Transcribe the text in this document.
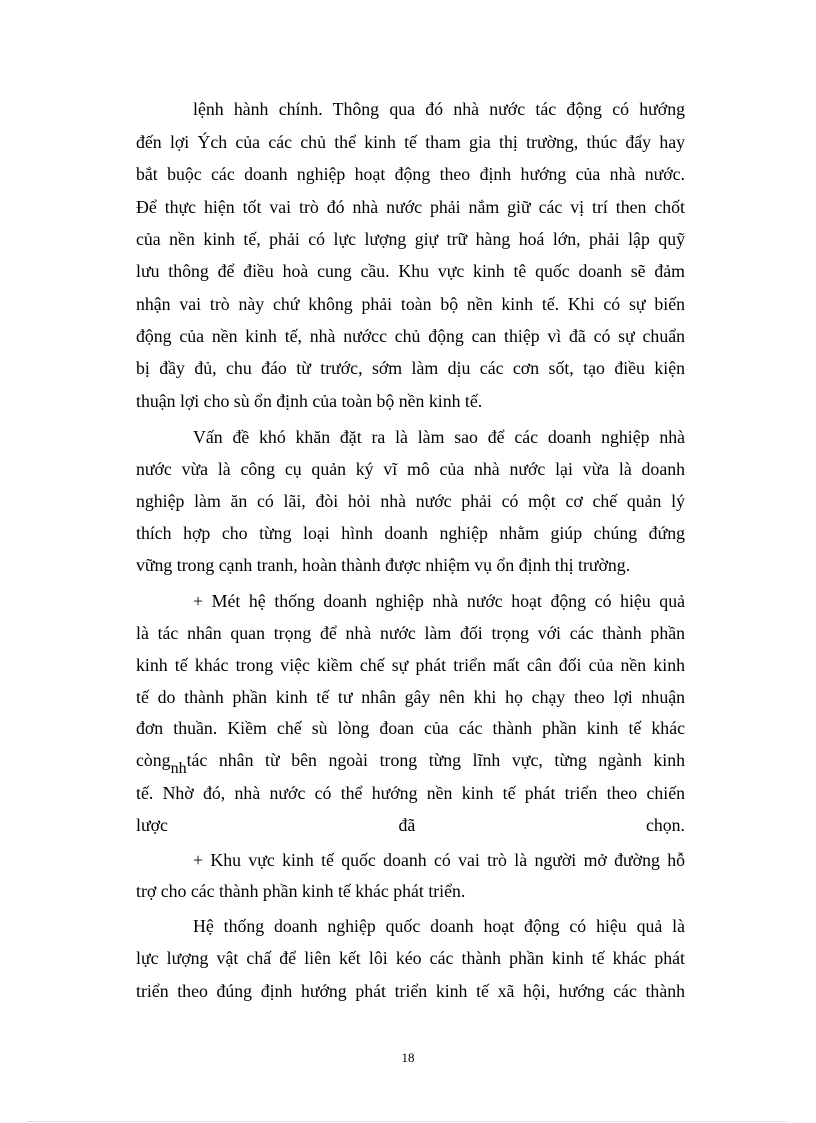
lệnh hành chính. Thông qua đó nhà nước tác động có hướng
đến lợi Ých của các chủ thể kinh tế tham gia thị trường, thúc đẩy hay
bắt buộc các doanh nghiệp hoạt động theo định hướng của nhà nước.
Để thực hiện tốt vai trò đó nhà nước phải nắm giữ các vị trí then chốt
của nền kinh tế, phải có lực lượng giự trữ hàng hoá lớn, phải lập quỹ
lưu thông để điều hoà cung cầu. Khu vực kinh tê quốc doanh sẽ đảm
nhận vai trò này chứ không phải toàn bộ nền kinh tế. Khi có sự biến
động của nền kinh tế, nhà nướcc chủ động can thiệp vì đã có sự chuẩn
bị đầy đủ, chu đáo từ trước, sớm làm dịu các cơn sốt, tạo điều kiện
thuận lợi cho sù ổn định của toàn bộ nền kinh tế.
Vấn đề khó khăn đặt ra là làm sao để các doanh nghiệp nhà
nước vừa là công cụ quản ký vĩ mô của nhà nước lại vừa là doanh
nghiệp làm ăn có lãi, đòi hỏi nhà nước phải có một cơ chế quản lý
thích hợp cho từng loại hình doanh nghiệp nhằm giúp chúng đứng
vững trong cạnh tranh, hoàn thành được nhiệm vụ ổn định thị trường.
+ Mét hệ thống doanh nghiệp nhà nước hoạt động có hiệu quả
là tác nhân quan trọng để nhà nước làm đối trọng với các thành phần
kinh tế khác trong việc kiềm chế sự phát triển mất cân đối của nền kinh
tế do thành phần kinh tế tư nhân gây nên khi họ chạy theo lợi nhuận
đơn thuần. Kiềm chế sù lòng đoan của các thành phần kinh tế khác
còngnhtác nhân từ bên ngoài trong từng lĩnh vực, từng ngành kinh
tế. Nhờ đó, nhà nước có thể hướng nền kinh tế phát triển theo chiến
lược đã chọn.
+ Khu vực kinh tế quốc doanh có vai trò là người mở đường hỗ
trợ cho các thành phần kinh tế khác phát triển.
Hệ thống doanh nghiệp quốc doanh hoạt động có hiệu quả là
lực lượng vật chấ để liên kết lôi kéo các thành phần kinh tế khác phát
triển theo đúng định hướng phát triển kinh tế xã hội, hướng các thành
18
